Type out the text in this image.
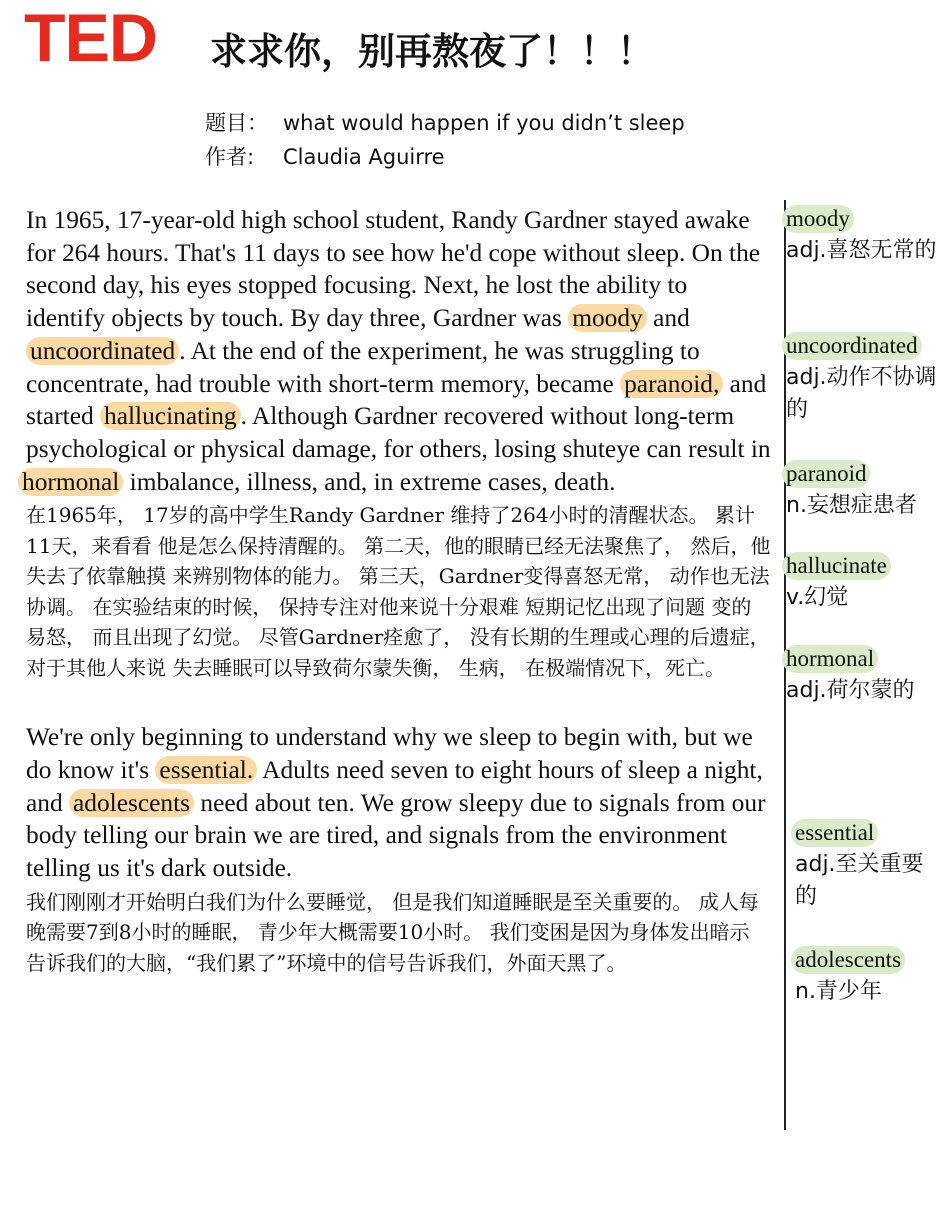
TED 求求你，别再熬夜了！！！
题目： what would happen if you didn’t sleep
作者: Claudia Aguirre

In 1965, 17-year-old high school student, Randy Gardner stayed awake for 264 hours. That's 11 days to see how he'd cope without sleep. On the second day, his eyes stopped focusing. Next, he lost the ability to identify objects by touch. By day three, Gardner was moody and uncoordinated . At the end of the experiment, he was struggling to concentrate, had trouble with short-term memory, became paranoid, and started hallucinating . Although Gardner recovered without long-term psychological or physical damage, for others, losing shuteye can result in hormonal imbalance, illness, and, in extreme cases, death.

在1965年， 17岁的高中学生Randy Gardner 维持了264小时的清醒状态。 累计11天，来看看 他是怎么保持清醒的。 第二天，他的眼睛已经无法聚焦了， 然后，他失去了依靠触摸 来辨别物体的能力。 第三天，Gardner变得喜怒无常， 动作也无法协调。 在实验结束的时候， 保持专注对他来说十分艰难 短期记忆出现了问题 变的易怒， 而且出现了幻觉。 尽管Gardner痊愈了， 没有长期的生理或心理的后遗症， 对于其他人来说 失去睡眠可以导致荷尔蒙失衡， 生病， 在极端情况下，死亡。

We're only beginning to understand why we sleep to begin with, but we do know it's essential. Adults need seven to eight hours of sleep a night, and adolescents need about ten. We grow sleepy due to signals from our body telling our brain we are tired, and signals from the environment telling us it's dark outside.

我们刚刚才开始明白我们为什么要睡觉， 但是我们知道睡眠是至关重要的。 成人每晚需要7到8小时的睡眠， 青少年大概需要10小时。 我们变困是因为身体发出暗示 告诉我们的大脑，“我们累了”环境中的信号告诉我们，外面天黑了。

moody
adj.喜怒无常的
uncoordinated
adj.动作不协调的
paranoid
n.妄想症患者
hallucinate
v.幻觉
hormonal
adj.荷尔蒙的
essential
adj.至关重要的
adolescents
n.青少年
